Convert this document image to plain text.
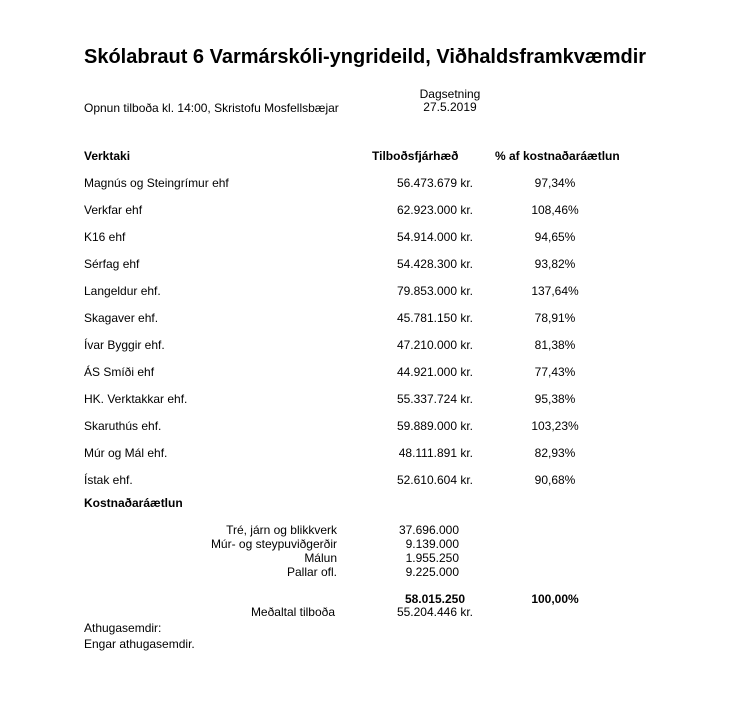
Skólabraut 6 Varmárskóli-yngrideild, Viðhaldsframkvæmdir
Opnun tilboða kl. 14:00, Skristofu Mosfellsbæjar
Dagsetning
27.5.2019
Verktaki	Tilboðsfjárhæð	% af kostnaðaráætlun
Magnús og Steingrímur ehf	56.473.679 kr.	97,34%
Verkfar ehf	62.923.000 kr.	108,46%
K16 ehf	54.914.000 kr.	94,65%
Sérfag ehf	54.428.300 kr.	93,82%
Langeldur ehf.	79.853.000 kr.	137,64%
Skagaver ehf.	45.781.150 kr.	78,91%
Ívar Byggir ehf.	47.210.000 kr.	81,38%
ÁS Smíði ehf	44.921.000 kr.	77,43%
HK. Verktakkar ehf.	55.337.724 kr.	95,38%
Skaruthús ehf.	59.889.000 kr.	103,23%
Múr og Mál ehf.	48.111.891 kr.	82,93%
Ístak ehf.	52.610.604 kr.	90,68%
Kostnaðaráætlun
Tré, járn og blikkverk	37.696.000
Múr- og steypuviðgerðir	9.139.000
Málun	1.955.250
Pallar ofl.	9.225.000
58.015.250	100,00%
Meðaltal tilboða	55.204.446 kr.
Athugasemdir:
Engar athugasemdir.
